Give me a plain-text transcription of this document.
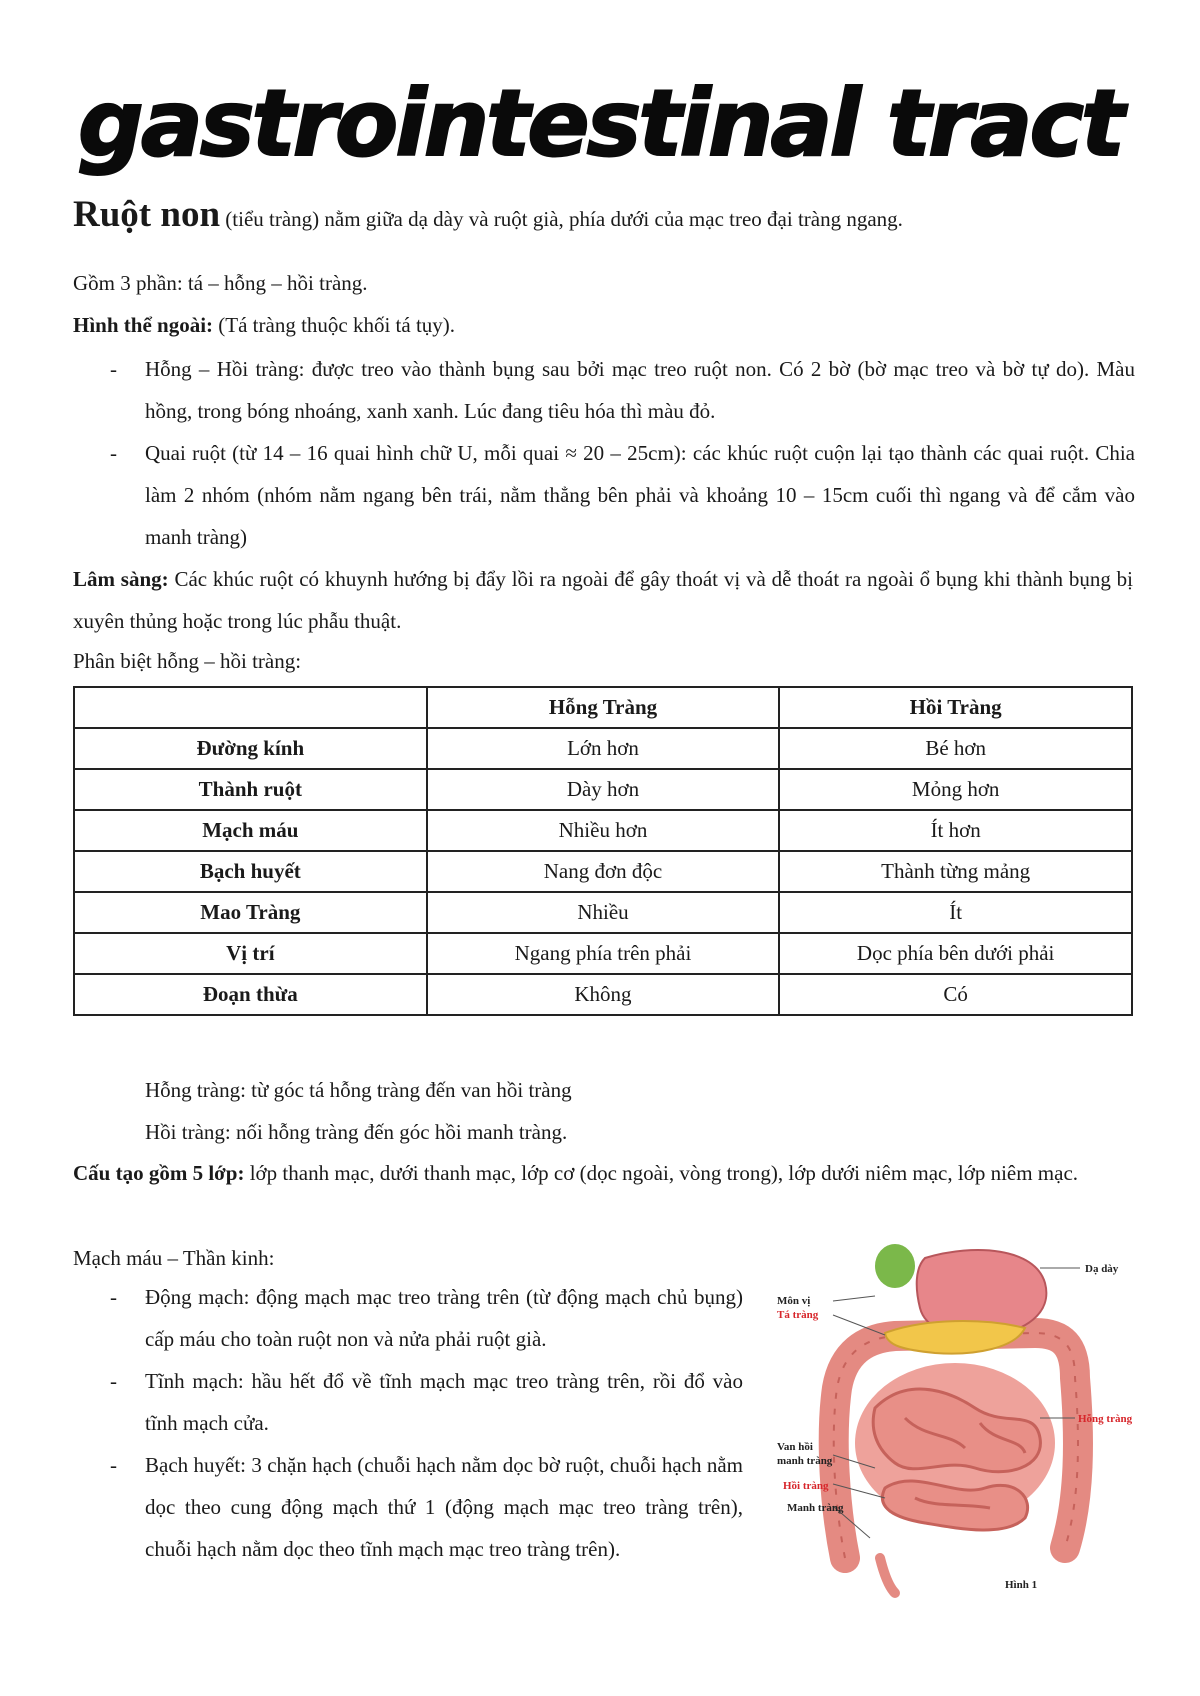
gastrointestinal tract
Ruột non (tiểu tràng) nằm giữa dạ dày và ruột già, phía dưới của mạc treo đại tràng ngang.
Gồm 3 phần: tá – hỗng – hồi tràng.
Hình thể ngoài: (Tá tràng thuộc khối tá tụy).
- Hỗng – Hồi tràng: được treo vào thành bụng sau bởi mạc treo ruột non. Có 2 bờ (bờ mạc treo và bờ tự do). Màu hồng, trong bóng nhoáng, xanh xanh. Lúc đang tiêu hóa thì màu đỏ.
- Quai ruột (từ 14 – 16 quai hình chữ U, mỗi quai ≈ 20 – 25cm): các khúc ruột cuộn lại tạo thành các quai ruột. Chia làm 2 nhóm (nhóm nằm ngang bên trái, nằm thẳng bên phải và khoảng 10 – 15cm cuối thì ngang và để cắm vào manh tràng)
Lâm sàng: Các khúc ruột có khuynh hướng bị đẩy lồi ra ngoài để gây thoát vị và dễ thoát ra ngoài ổ bụng khi thành bụng bị xuyên thủng hoặc trong lúc phẫu thuật.
Phân biệt hỗng – hồi tràng:
	Hỗng Tràng	Hồi Tràng
Đường kính	Lớn hơn	Bé hơn
Thành ruột	Dày hơn	Mỏng hơn
Mạch máu	Nhiều hơn	Ít hơn
Bạch huyết	Nang đơn độc	Thành từng mảng
Mao Tràng	Nhiều	Ít
Vị trí	Ngang phía trên phải	Dọc phía bên dưới phải
Đoạn thừa	Không	Có
Hỗng tràng: từ góc tá hỗng tràng đến van hồi tràng
Hồi tràng: nối hỗng tràng đến góc hồi manh tràng.
Cấu tạo gồm 5 lớp: lớp thanh mạc, dưới thanh mạc, lớp cơ (dọc ngoài, vòng trong), lớp dưới niêm mạc, lớp niêm mạc.
Mạch máu – Thần kinh:
- Động mạch: động mạch mạc treo tràng trên (từ động mạch chủ bụng) cấp máu cho toàn ruột non và nửa phải ruột già.
- Tĩnh mạch: hầu hết đổ về tĩnh mạch mạc treo tràng trên, rồi đổ vào tĩnh mạch cửa.
- Bạch huyết: 3 chặn hạch (chuỗi hạch nằm dọc bờ ruột, chuỗi hạch nằm dọc theo cung động mạch thứ 1 (động mạch mạc treo tràng trên), chuỗi hạch nằm dọc theo tĩnh mạch mạc treo tràng trên).
Dạ dày
Môn vị
Tá tràng
Hỗng tràng
Van hồi
manh tràng
Hồi tràng
Manh tràng
Hình 1
